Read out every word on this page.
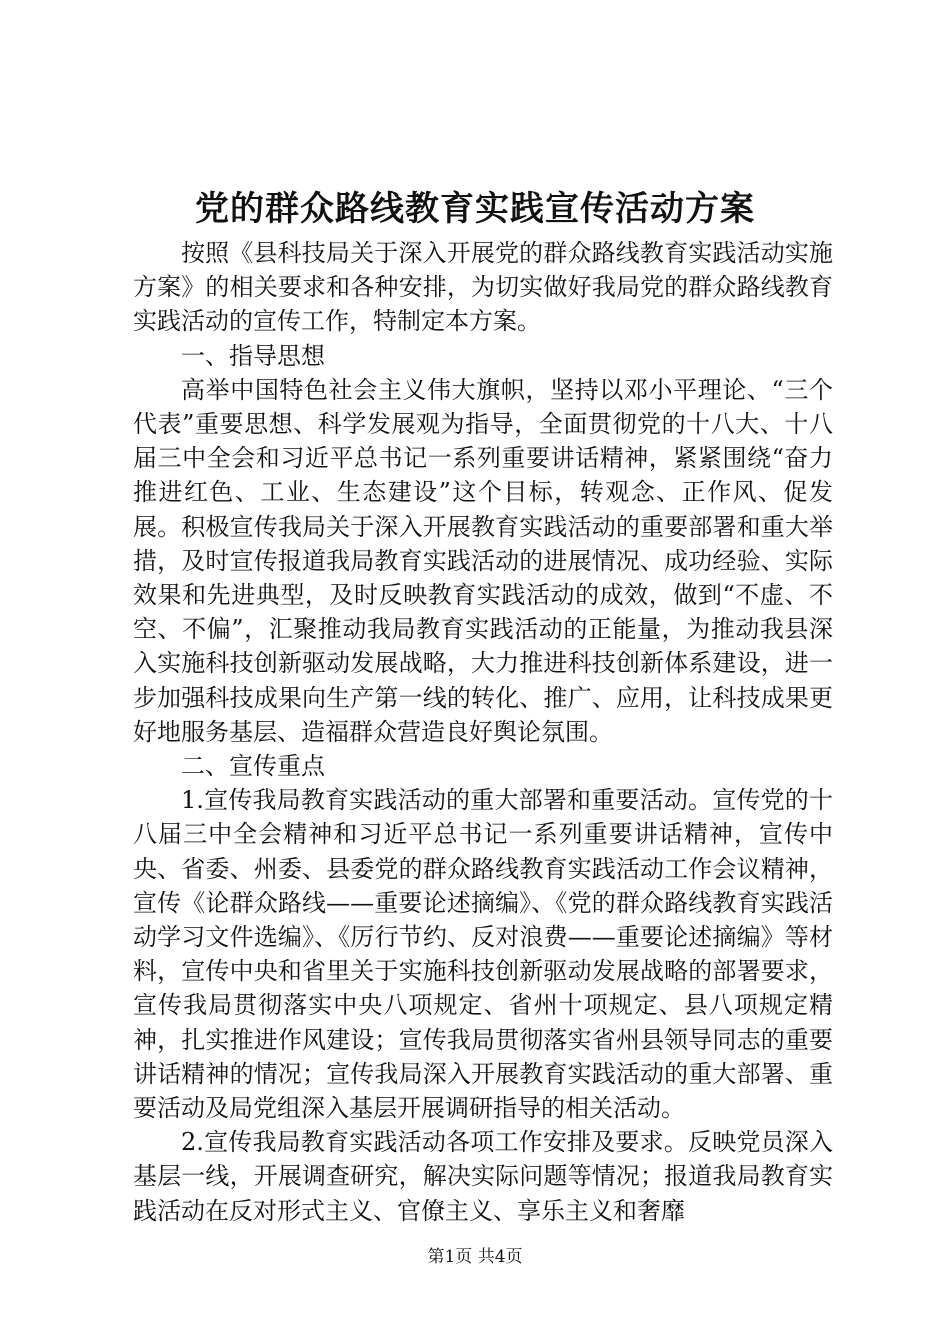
党的群众路线教育实践宣传活动方案

按照《县科技局关于深入开展党的群众路线教育实践活动实施方案》的相关要求和各种安排，为切实做好我局党的群众路线教育实践活动的宣传工作，特制定本方案。

一、指导思想

高举中国特色社会主义伟大旗帜，坚持以邓小平理论、“三个代表”重要思想、科学发展观为指导，全面贯彻党的十八大、十八届三中全会和习近平总书记一系列重要讲话精神，紧紧围绕“奋力推进红色、工业、生态建设”这个目标，转观念、正作风、促发展。积极宣传我局关于深入开展教育实践活动的重要部署和重大举措，及时宣传报道我局教育实践活动的进展情况、成功经验、实际效果和先进典型，及时反映教育实践活动的成效，做到“不虚、不空、不偏”，汇聚推动我局教育实践活动的正能量，为推动我县深入实施科技创新驱动发展战略，大力推进科技创新体系建设，进一步加强科技成果向生产第一线的转化、推广、应用，让科技成果更好地服务基层、造福群众营造良好舆论氛围。

二、宣传重点

1.宣传我局教育实践活动的重大部署和重要活动。宣传党的十八届三中全会精神和习近平总书记一系列重要讲话精神，宣传中央、省委、州委、县委党的群众路线教育实践活动工作会议精神，宣传《论群众路线——重要论述摘编》、《党的群众路线教育实践活动学习文件选编》、《厉行节约、反对浪费——重要论述摘编》等材料，宣传中央和省里关于实施科技创新驱动发展战略的部署要求，宣传我局贯彻落实中央八项规定、省州十项规定、县八项规定精神，扎实推进作风建设；宣传我局贯彻落实省州县领导同志的重要讲话精神的情况；宣传我局深入开展教育实践活动的重大部署、重要活动及局党组深入基层开展调研指导的相关活动。

2.宣传我局教育实践活动各项工作安排及要求。反映党员深入基层一线，开展调查研究，解决实际问题等情况；报道我局教育实践活动在反对形式主义、官僚主义、享乐主义和奢靡

第1页 共4页
